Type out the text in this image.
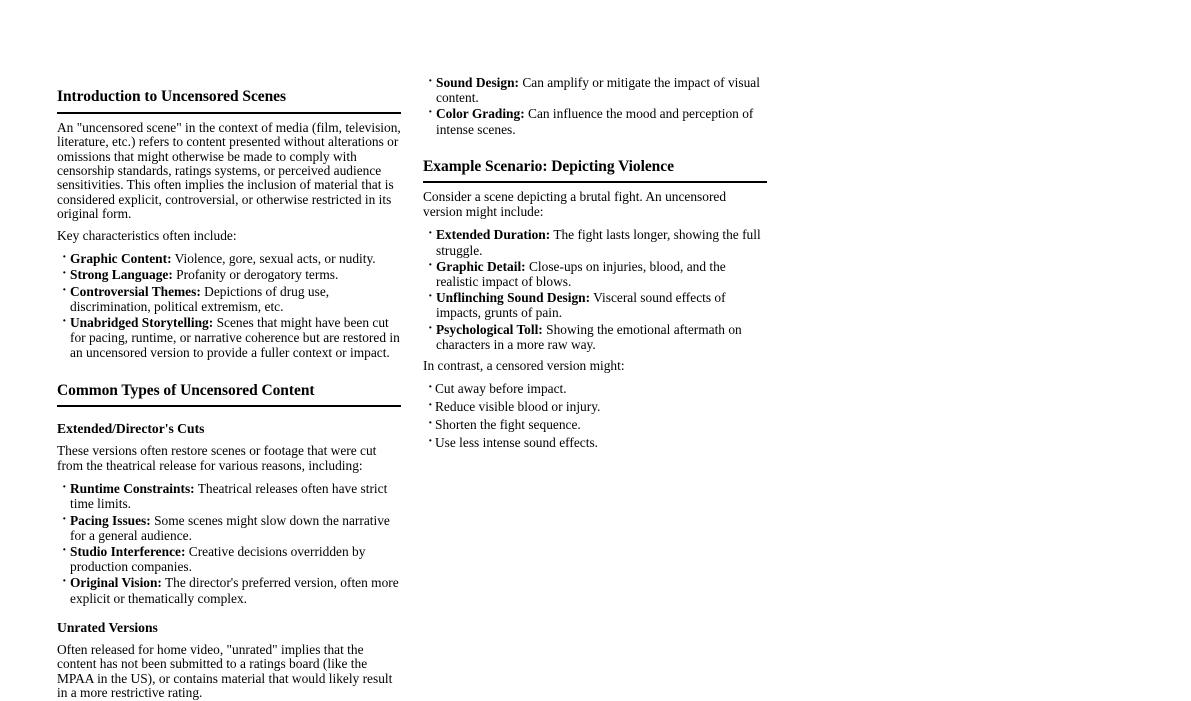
Introduction to Uncensored Scenes

An "uncensored scene" in the context of media (film, television, literature, etc.) refers to content presented without alterations or omissions that might otherwise be made to comply with censorship standards, ratings systems, or perceived audience sensitivities. This often implies the inclusion of material that is considered explicit, controversial, or otherwise restricted in its original form.

Key characteristics often include:

· Graphic Content: Violence, gore, sexual acts, or nudity.
· Strong Language: Profanity or derogatory terms.
· Controversial Themes: Depictions of drug use, discrimination, political extremism, etc.
· Unabridged Storytelling: Scenes that might have been cut for pacing, runtime, or narrative coherence but are restored in an uncensored version to provide a fuller context or impact.
Common Types of Uncensored Content
Extended/Director's Cuts

These versions often restore scenes or footage that were cut from the theatrical release for various reasons, including:

· Runtime Constraints: Theatrical releases often have strict time limits.
· Pacing Issues: Some scenes might slow down the narrative for a general audience.
· Studio Interference: Creative decisions overridden by production companies.
· Original Vision: The director's preferred version, often more explicit or thematically complex.
Unrated Versions

Often released for home video, "unrated" implies that the content has not been submitted to a ratings board (like the MPAA in the US), or contains material that would likely result in a more restrictive rating.

· Sound Design: Can amplify or mitigate the impact of visual content.
· Color Grading: Can influence the mood and perception of intense scenes.
Example Scenario: Depicting Violence

Consider a scene depicting a brutal fight. An uncensored version might include:

· Extended Duration: The fight lasts longer, showing the full struggle.
· Graphic Detail: Close-ups on injuries, blood, and the realistic impact of blows.
· Unflinching Sound Design: Visceral sound effects of impacts, grunts of pain.
· Psychological Toll: Showing the emotional aftermath on characters in a more raw way.

In contrast, a censored version might:

· Cut away before impact.
· Reduce visible blood or injury.
· Shorten the fight sequence.
· Use less intense sound effects.
